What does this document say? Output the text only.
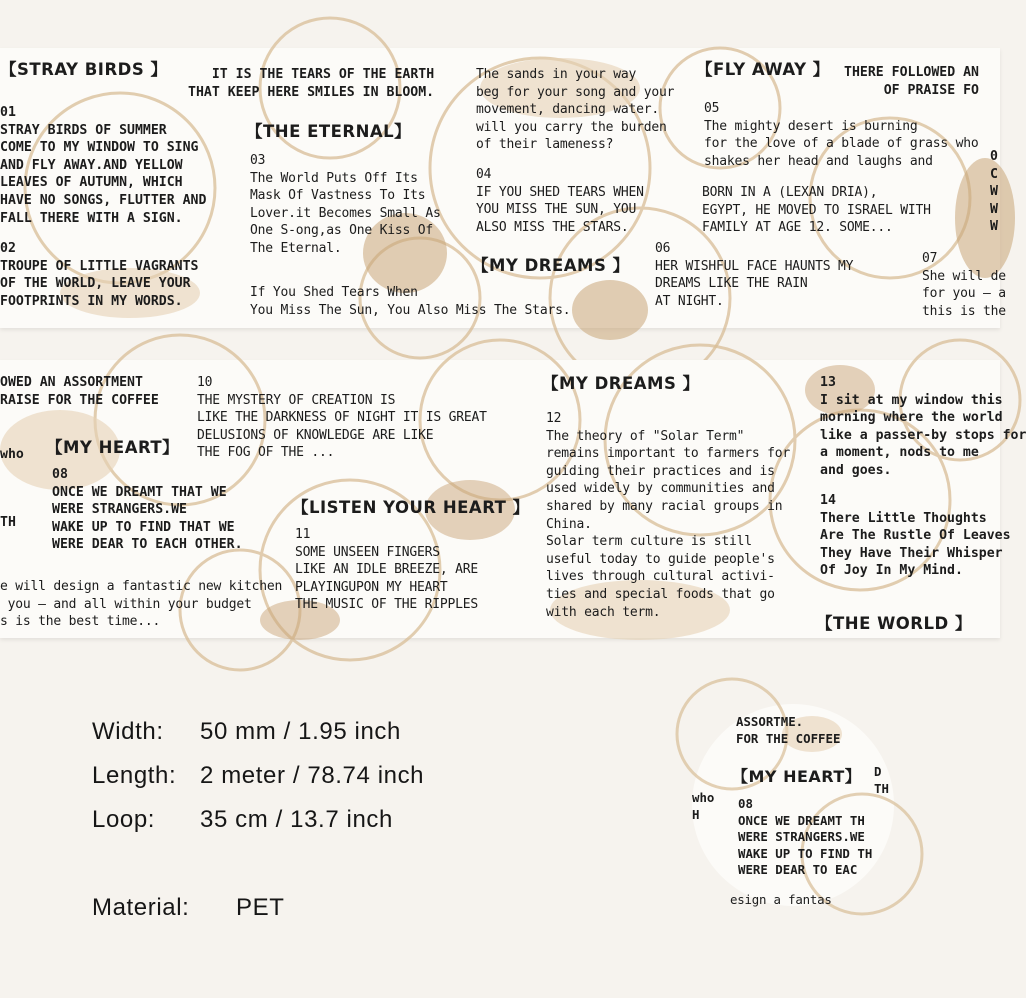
【STRAY BIRDS 】
01
STRAY BIRDS OF SUMMER
COME TO MY WINDOW TO SING
AND FLY AWAY.AND YELLOW
LEAVES OF AUTUMN, WHICH
HAVE NO SONGS, FLUTTER AND
FALL THERE WITH A SIGN.
02
TROUPE OF LITTLE VAGRANTS
OF THE WORLD, LEAVE YOUR
FOOTPRINTS IN MY WORDS.
IT IS THE TEARS OF THE EARTH
THAT KEEP HERE SMILES IN BLOOM.
【THE ETERNAL】
03
The World Puts Off Its
Mask Of Vastness To Its
Lover.it Becomes Small As
One S-ong,as One Kiss Of
The Eternal.
If You Shed Tears When
You Miss The Sun, You Also Miss The Stars.
The sands in your way
beg for your song and your
movement, dancing water.
will you carry the burden
of their lameness?
04
IF YOU SHED TEARS WHEN
YOU MISS THE SUN, YOU
ALSO MISS THE STARS.
【MY DREAMS 】
【FLY AWAY 】
05
The mighty desert is burning
for the love of a blade of grass who
shakes her head and laughs and
BORN IN A (LEXAN DRIA),
EGYPT, HE MOVED TO ISRAEL WITH
FAMILY AT AGE 12. SOME...
06
HER WISHFUL FACE HAUNTS MY
DREAMS LIKE THE RAIN
AT NIGHT.
THERE FOLLOWED AN
OF PRAISE FO
07
She will de
for you – a
this is the
0
C
W
W
W
OWED AN ASSORTMENT
RAISE FOR THE COFFEE
【MY HEART】
who
TH
08
ONCE WE DREAMT THAT WE
WERE STRANGERS.WE
WAKE UP TO FIND THAT WE
WERE DEAR TO EACH OTHER.
e will design a fantastic new kitchen
you – and all within your budget
s is the best time...
10
THE MYSTERY OF CREATION IS
LIKE THE DARKNESS OF NIGHT IT IS GREAT
DELUSIONS OF KNOWLEDGE ARE LIKE
THE FOG OF THE ...
【LISTEN YOUR HEART 】
11
SOME UNSEEN FINGERS
LIKE AN IDLE BREEZE, ARE
PLAYINGUPON MY HEART
THE MUSIC OF THE RIPPLES
【MY DREAMS 】
12
The theory of "Solar Term"
remains important to farmers for
guiding their practices and is
used widely by communities and
shared by many racial groups in
China.
Solar term culture is still
useful today to guide people's
lives through cultural activi-
ties and special foods that go
with each term.
13
I sit at my window this
morning where the world
like a passer-by stops for
a moment, nods to me
and goes.
14
There Little Thoughts
Are The Rustle Of Leaves
They Have Their Whisper
Of Joy In My Mind.
【THE WORLD 】
Width: 50 mm / 1.95 inch
Length: 2 meter / 78.74 inch
Loop: 35 cm / 13.7 inch
Material: PET
ASSORTME.
FOR THE COFFEE
【MY HEART】 D
TH
who
H
08
ONCE WE DREAMT TH
WERE STRANGERS.WE
WAKE UP TO FIND TH
WERE DEAR TO EAC
esign a fantas
